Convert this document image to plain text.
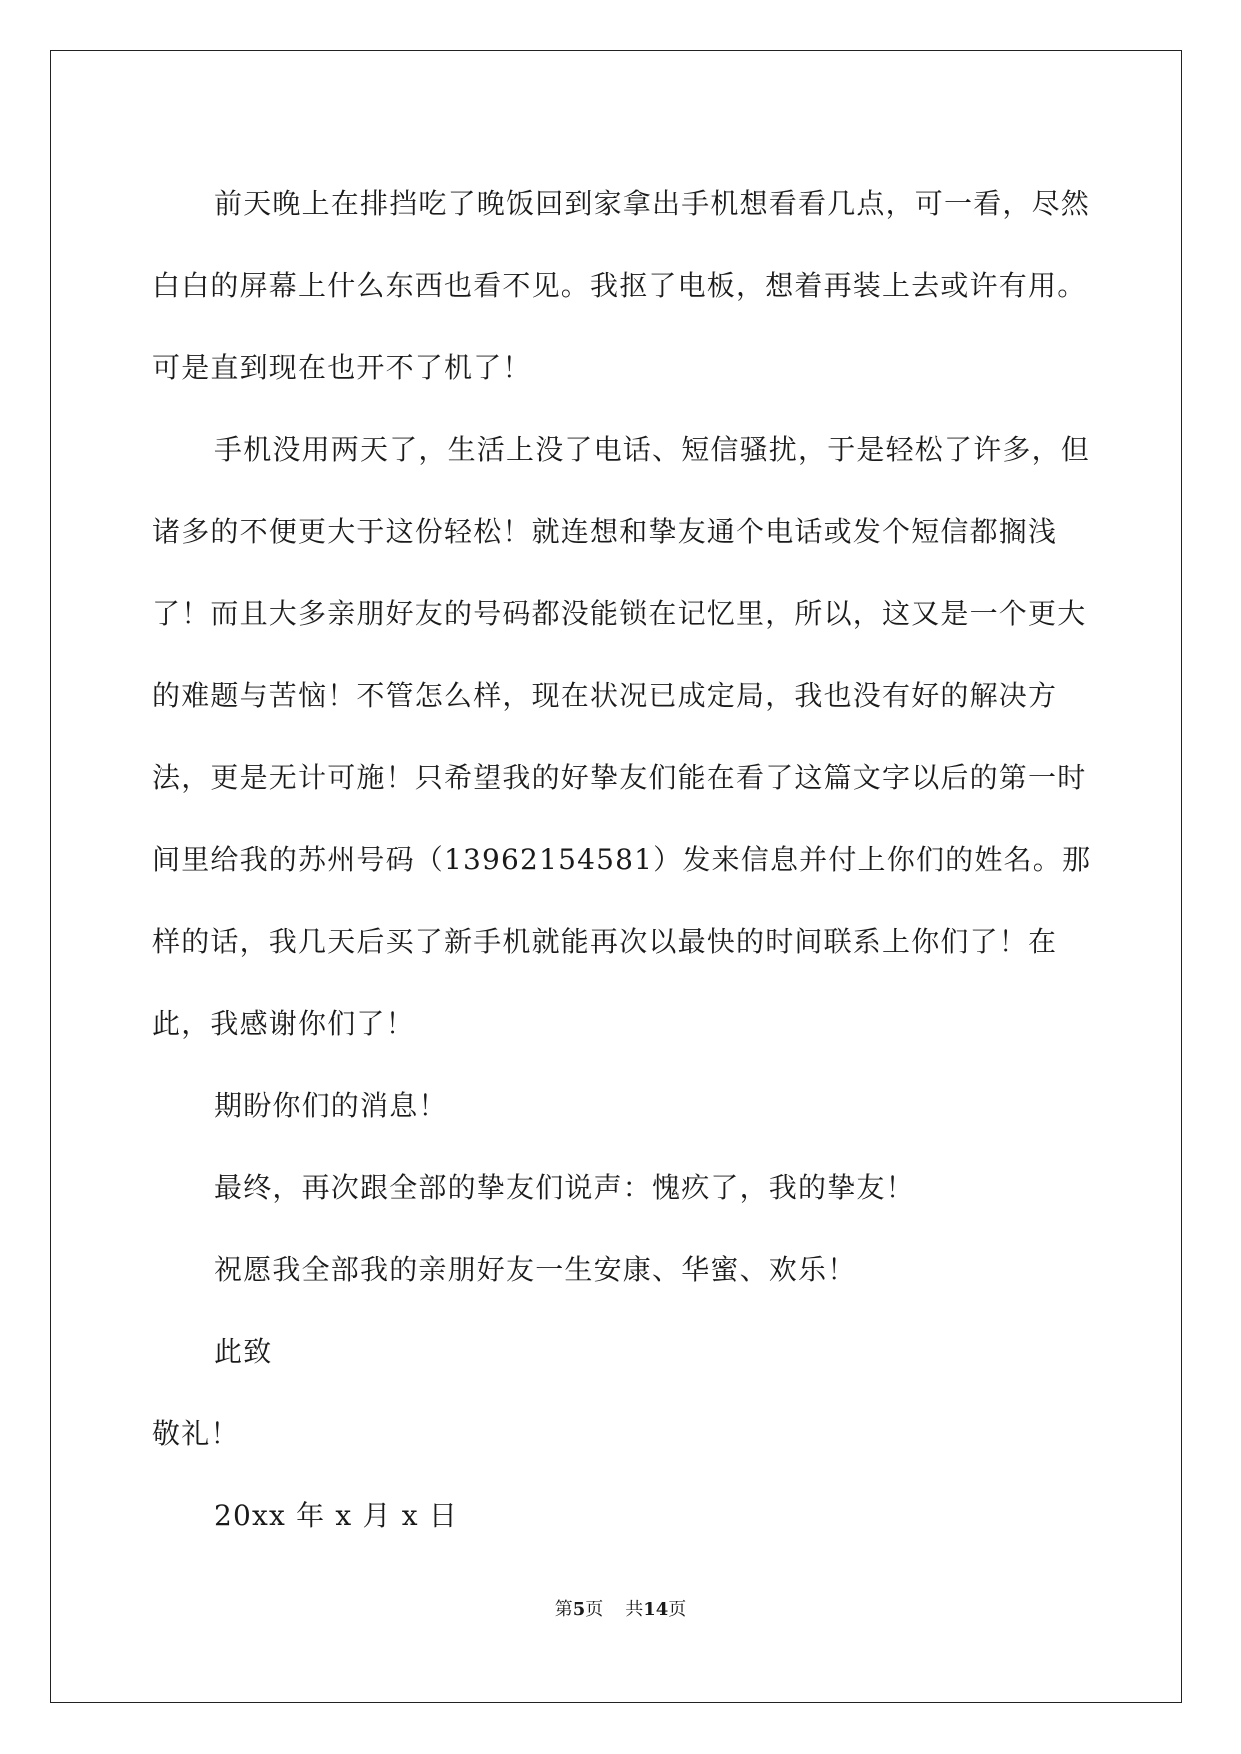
前天晚上在排挡吃了晚饭回到家拿出手机想看看几点，可一看，尽然白白的屏幕上什么东西也看不见。我抠了电板，想着再装上去或许有用。可是直到现在也开不了机了！

手机没用两天了，生活上没了电话、短信骚扰，于是轻松了许多，但诸多的不便更大于这份轻松！就连想和挚友通个电话或发个短信都搁浅了！而且大多亲朋好友的号码都没能锁在记忆里，所以，这又是一个更大的难题与苦恼！不管怎么样，现在状况已成定局，我也没有好的解决方法，更是无计可施！只希望我的好挚友们能在看了这篇文字以后的第一时间里给我的苏州号码（13962154581）发来信息并付上你们的姓名。那样的话，我几天后买了新手机就能再次以最快的时间联系上你们了！在此，我感谢你们了！

期盼你们的消息！

最终，再次跟全部的挚友们说声：愧疚了，我的挚友！

祝愿我全部我的亲朋好友一生安康、华蜜、欢乐！

此致

敬礼！

20xx 年 x 月 x 日

第5页 共14页
